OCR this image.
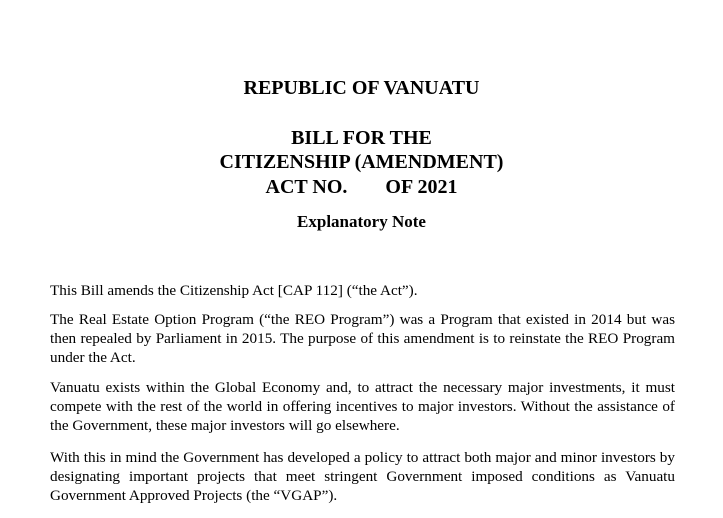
REPUBLIC OF VANUATU
BILL FOR THE
CITIZENSHIP (AMENDMENT)
ACT NO. OF 2021
Explanatory Note

This Bill amends the Citizenship Act [CAP 112] (“the Act”).

The Real Estate Option Program (“the REO Program”) was a Program that existed in 2014 but was then repealed by Parliament in 2015. The purpose of this amendment is to reinstate the REO Program under the Act.

Vanuatu exists within the Global Economy and, to attract the necessary major investments, it must compete with the rest of the world in offering incentives to major investors. Without the assistance of the Government, these major investors will go elsewhere.

With this in mind the Government has developed a policy to attract both major and minor investors by designating important projects that meet stringent Government imposed conditions as Vanuatu Government Approved Projects (the “VGAP”).
